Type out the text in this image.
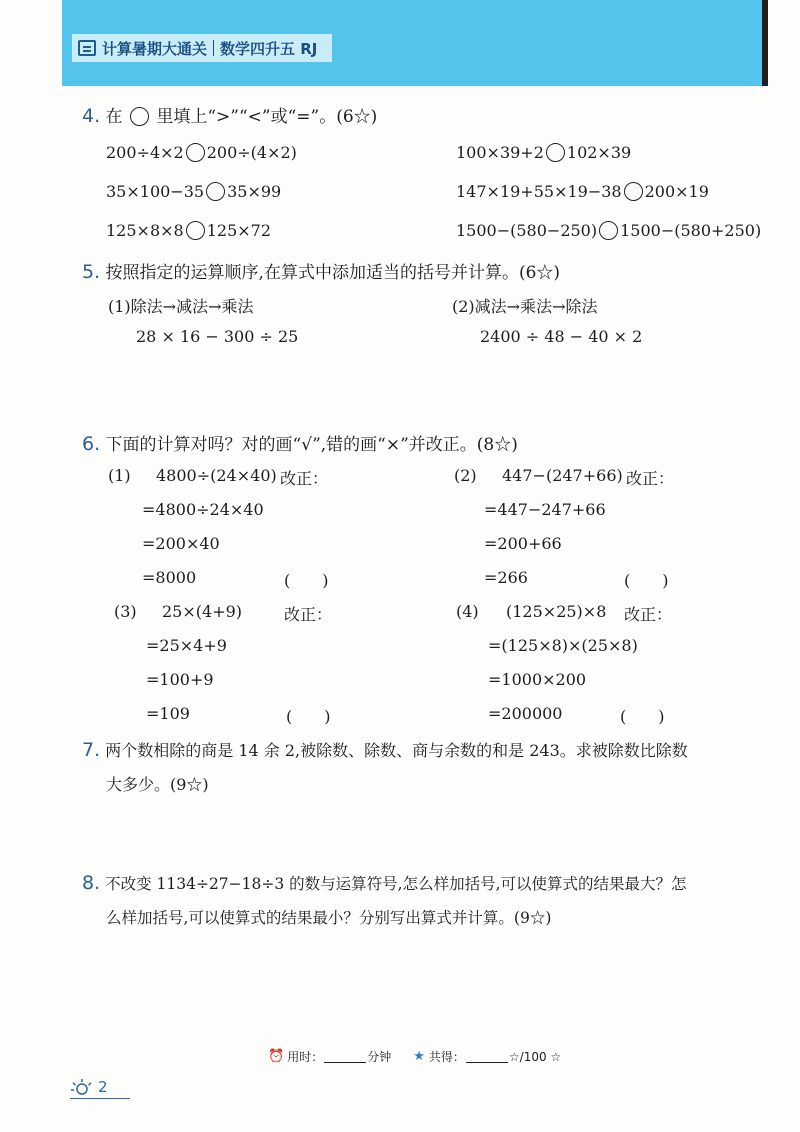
计算暑期大通关 数学四升五 RJ
4. 在 里填上“>”“<”或“=”。(6☆)
200÷4×2 200÷(4×2)	100×39+2 102×39
35×100−35 35×99	147×19+55×19−38 200×19
125×8×8 125×72	1500−(580−250) 1500−(580+250)
5. 按照指定的运算顺序,在算式中添加适当的括号并计算。(6☆)
(1)除法→减法→乘法	(2)减法→乘法→除法
28 × 16 − 300 ÷ 25	2400 ÷ 48 − 40 × 2
6. 下面的计算对吗？对的画“√”,错的画“×”并改正。(8☆)
(1) 4800÷(24×40) 改正：
=4800÷24×40
=200×40
=8000	(　　)
(2) 447−(247+66) 改正：
=447−247+66
=200+66
=266	(　　)
(3) 25×(4+9)	改正：
=25×4+9
=100+9
=109	(　　)
(4) (125×25)×8 改正：
=(125×8)×(25×8)
=1000×200
=200000	(　　)
7. 两个数相除的商是 14 余 2,被除数、除数、商与余数的和是 243。求被除数比除数
大多少。(9☆)
8. 不改变 1134÷27−18÷3 的数与运算符号,怎么样加括号,可以使算式的结果最大？怎
么样加括号,可以使算式的结果最小？分别写出算式并计算。(9☆)
⏰ 用时：	分钟 ★ 共得：	☆/100 ☆
2
